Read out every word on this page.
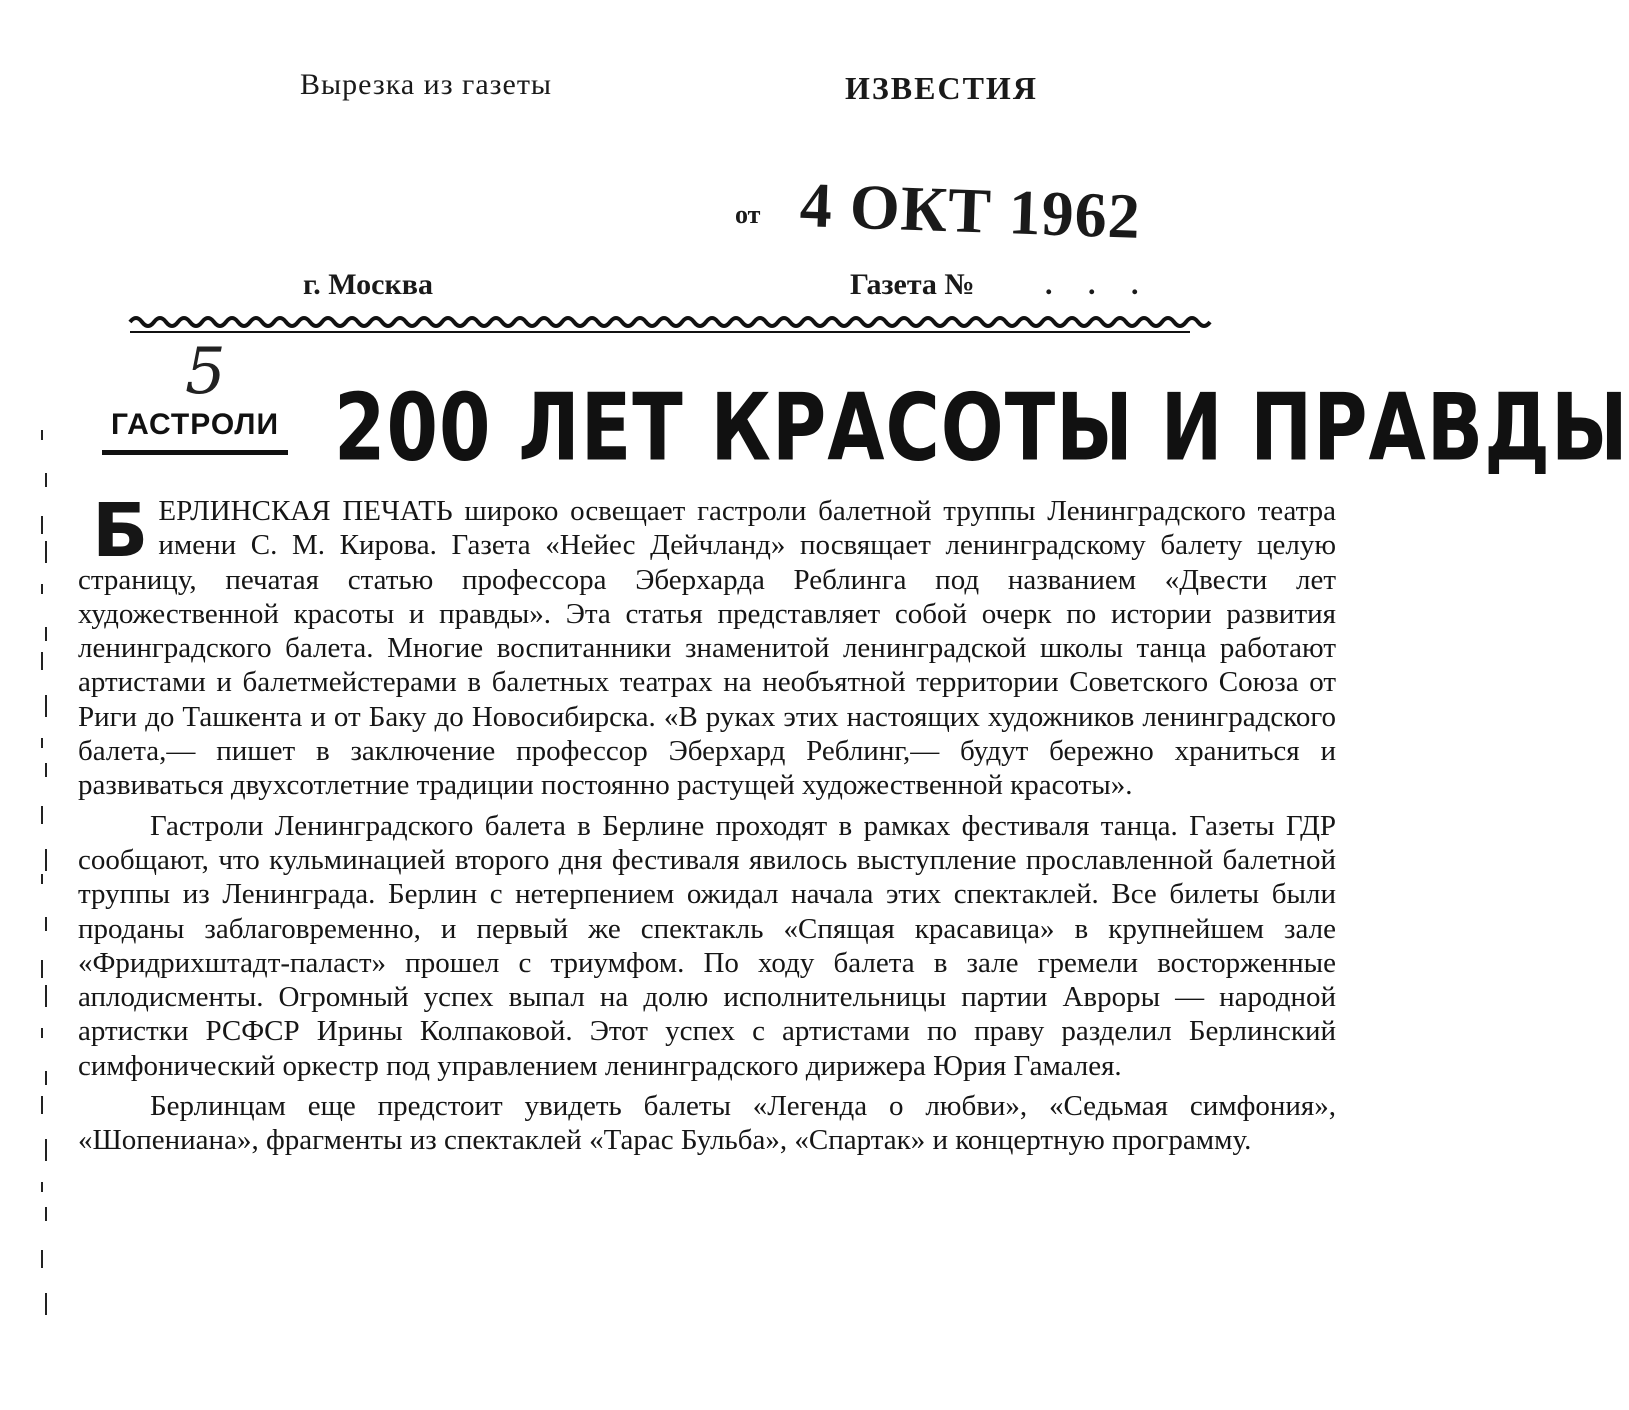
Вырезка из газеты	ИЗВЕСТИЯ
от 4 ОКТ 1962
г. Москва	Газета № . . .
5
ГАСТРОЛИ 200 ЛЕТ КРАСОТЫ И ПРАВДЫ

БЕРЛИНСКАЯ ПЕЧАТЬ широко освещает гастроли балетной труппы Ленинградского театра имени С. М. Кирова. Газета «Нейес Дейчланд» посвящает ленинградскому балету целую страницу, печатая статью профессора Эберхарда Реблинга под названием «Двести лет художественной красоты и правды». Эта статья представляет собой очерк по истории развития ленинградского балета. Многие воспитанники знаменитой ленинградской школы танца работают артистами и балетмейстерами в балетных театрах на необъятной территории Советского Союза от Риги до Ташкента и от Баку до Новосибирска. «В руках этих настоящих художников ленинградского балета,— пишет в заключение профессор Эберхард Реблинг,— будут бережно храниться и развиваться двухсотлетние традиции постоянно растущей художественной красоты».

Гастроли Ленинградского балета в Берлине проходят в рамках фестиваля танца. Газеты ГДР сообщают, что кульминацией второго дня фестиваля явилось выступление прославленной балетной труппы из Ленинграда. Берлин с нетерпением ожидал начала этих спектаклей. Все билеты были проданы заблаговременно, и первый же спектакль «Спящая красавица» в крупнейшем зале «Фридрихштадт-паласт» прошел с триумфом. По ходу балета в зале гремели восторженные аплодисменты. Огромный успех выпал на долю исполнительницы партии Авроры — народной артистки РСФСР Ирины Колпаковой. Этот успех с артистами по праву разделил Берлинский симфонический оркестр под управлением ленинградского дирижера Юрия Гамалея.

Берлинцам еще предстоит увидеть балеты «Легенда о любви», «Седьмая симфония», «Шопениана», фрагменты из спектаклей «Тарас Бульба», «Спартак» и концертную программу.
